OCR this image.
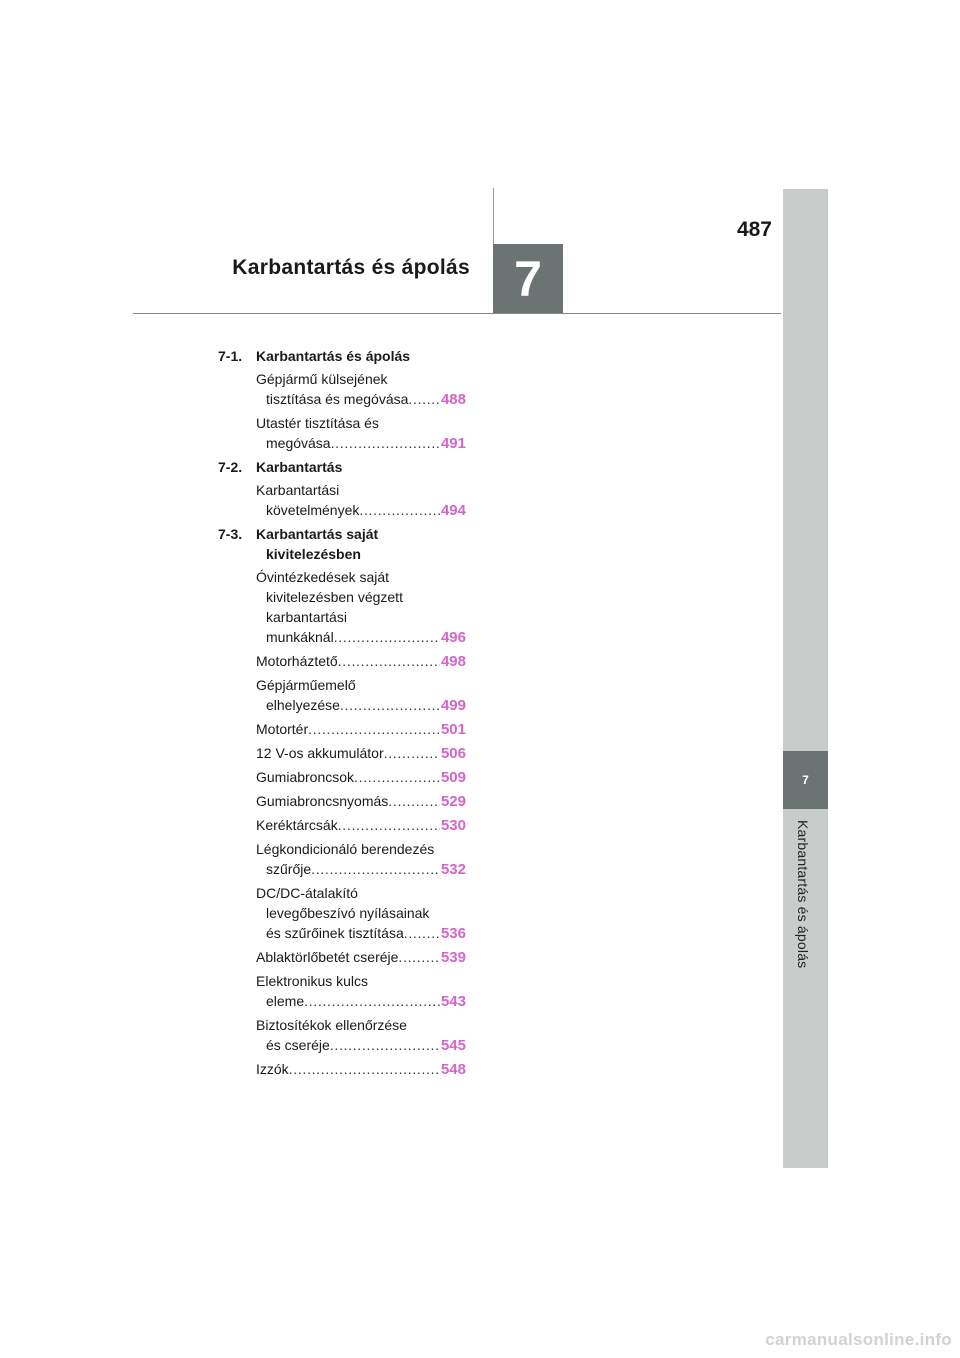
487
Karbantartás és ápolás 7
7
Karbantartás és ápolás
7-1. Karbantartás és ápolás
Gépjármű külsejének
tisztítása és megóvása . . . 488
Utastér tisztítása és
megóvása . . .	491
7-2. Karbantartás
Karbantartási
követelmények . . .	494
7-3. Karbantartás saját
kivitelezésben
Óvintézkedések saját
kivitelezésben végzett
karbantartási
munkáknál . . .	496
Motorháztető . . .	498
Gépjárműemelő
elhelyezése . . .	499
Motortér . . .	501
12 V-os akkumulátor . . .	506
Gumiabroncsok . . .	509
Gumiabroncsnyomás . . .	529
Keréktárcsák . . .	530
Légkondicionáló berendezés
szűrője . . .	532
DC/DC-átalakító
levegőbeszívó nyílásainak
és szűrőinek tisztítása . . . 536
Ablaktörlőbetét cseréje . . .	539
Elektronikus kulcs
eleme . . .	543
Biztosítékok ellenőrzése
és cseréje . . .	545
Izzók . . .	548
carmanualsonline.info
